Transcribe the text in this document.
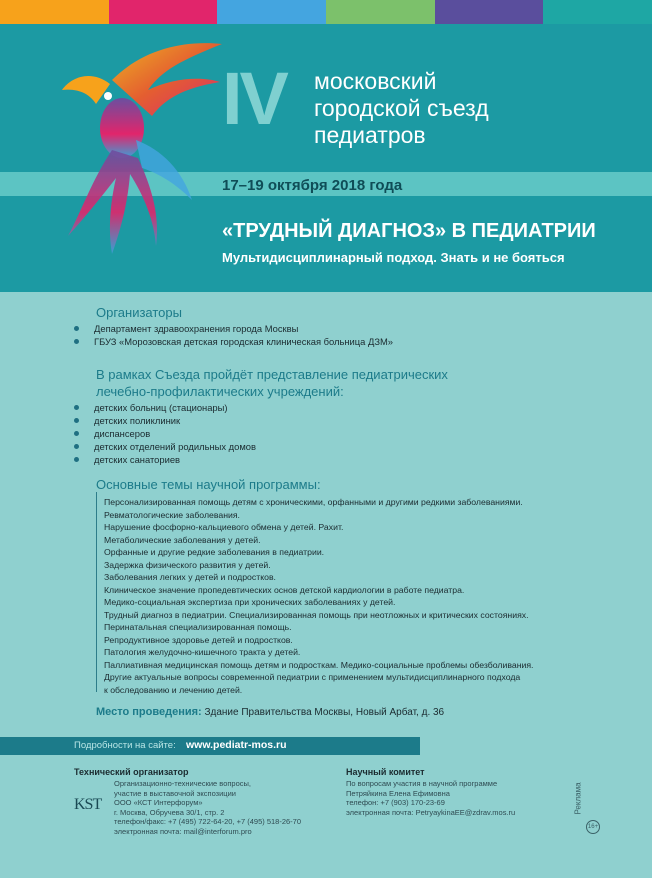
IV московский
городской съезд
педиатров
17–19 октября 2018 года
«ТРУДНЫЙ ДИАГНОЗ» В ПЕДИАТРИИ
Мультидисциплинарный подход. Знать и не бояться
Организаторы
Департамент здравоохранения города Москвы
ГБУЗ «Морозовская детская городская клиническая больница ДЗМ»
В рамках Съезда пройдёт представление педиатрических
лечебно-профилактических учреждений:
детских больниц (стационары)
детских поликлиник
диспансеров
детских отделений родильных домов
детских санаториев
Основные темы научной программы:
Персонализированная помощь детям с хроническими, орфанными и другими редкими заболеваниями.
Ревматологические заболевания.
Нарушение фосфорно-кальциевого обмена у детей. Рахит.
Метаболические заболевания у детей.
Орфанные и другие редкие заболевания в педиатрии.
Задержка физического развития у детей.
Заболевания легких у детей и подростков.
Клиническое значение пропедевтических основ детской кардиологии в работе педиатра.
Медико-социальная экспертиза при хронических заболеваниях у детей.
Трудный диагноз в педиатрии. Специализированная помощь при неотложных и критических состояниях.
Перинатальная специализированная помощь.
Репродуктивное здоровье детей и подростков.
Патология желудочно-кишечного тракта у детей.
Паллиативная медицинская помощь детям и подросткам. Медико-социальные проблемы обезболивания.
Другие актуальные вопросы современной педиатрии с применением мультидисциплинарного подхода
к обследованию и лечению детей.
Место проведения: Здание Правительства Москвы, Новый Арбат, д. 36
Подробности на сайте: www.pediatr-mos.ru
Технический организатор
KST
Организационно-технические вопросы,
участие в выставочной экспозиции
ООО «КСТ Интерфорум»
г. Москва, Обручева 30/1, стр. 2
телефон/факс: +7 (495) 722-64-20, +7 (495) 518-26-70
электронная почта: mail@interforum.pro
Научный комитет
По вопросам участия в научной программе
Петряйкина Елена Ефимовна
телефон: +7 (903) 170-23-69
электронная почта: PetryaykinaEE@zdrav.mos.ru	Реклама
16+
